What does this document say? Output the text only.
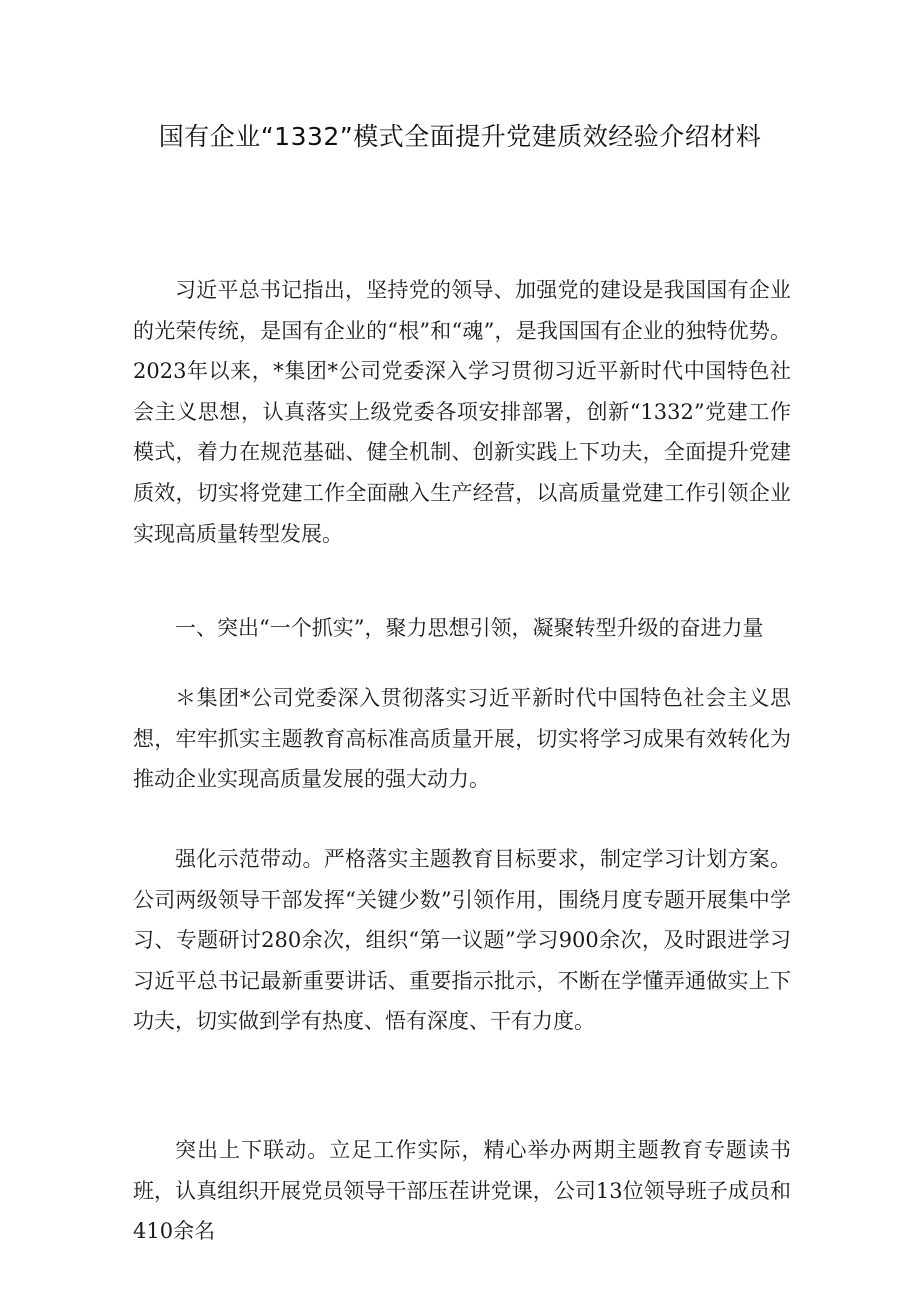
国有企业“1332”模式全面提升党建质效经验介绍材料

习近平总书记指出，坚持党的领导、加强党的建设是我国国有企业的光荣传统，是国有企业的“根”和“魂”，是我国国有企业的独特优势。2023年以来，*集团*公司党委深入学习贯彻习近平新时代中国特色社会主义思想，认真落实上级党委各项安排部署，创新“1332”党建工作模式，着力在规范基础、健全机制、创新实践上下功夫，全面提升党建质效，切实将党建工作全面融入生产经营，以高质量党建工作引领企业实现高质量转型发展。

一、突出“一个抓实”，聚力思想引领，凝聚转型升级的奋进力量

＊集团*公司党委深入贯彻落实习近平新时代中国特色社会主义思想，牢牢抓实主题教育高标准高质量开展，切实将学习成果有效转化为推动企业实现高质量发展的强大动力。

强化示范带动。严格落实主题教育目标要求，制定学习计划方案。公司两级领导干部发挥“关键少数”引领作用，围绕月度专题开展集中学习、专题研讨280余次，组织“第一议题”学习900余次，及时跟进学习习近平总书记最新重要讲话、重要指示批示，不断在学懂弄通做实上下功夫，切实做到学有热度、悟有深度、干有力度。

突出上下联动。立足工作实际，精心举办两期主题教育专题读书班，认真组织开展党员领导干部压茬讲党课，公司13位领导班子成员和410余名
